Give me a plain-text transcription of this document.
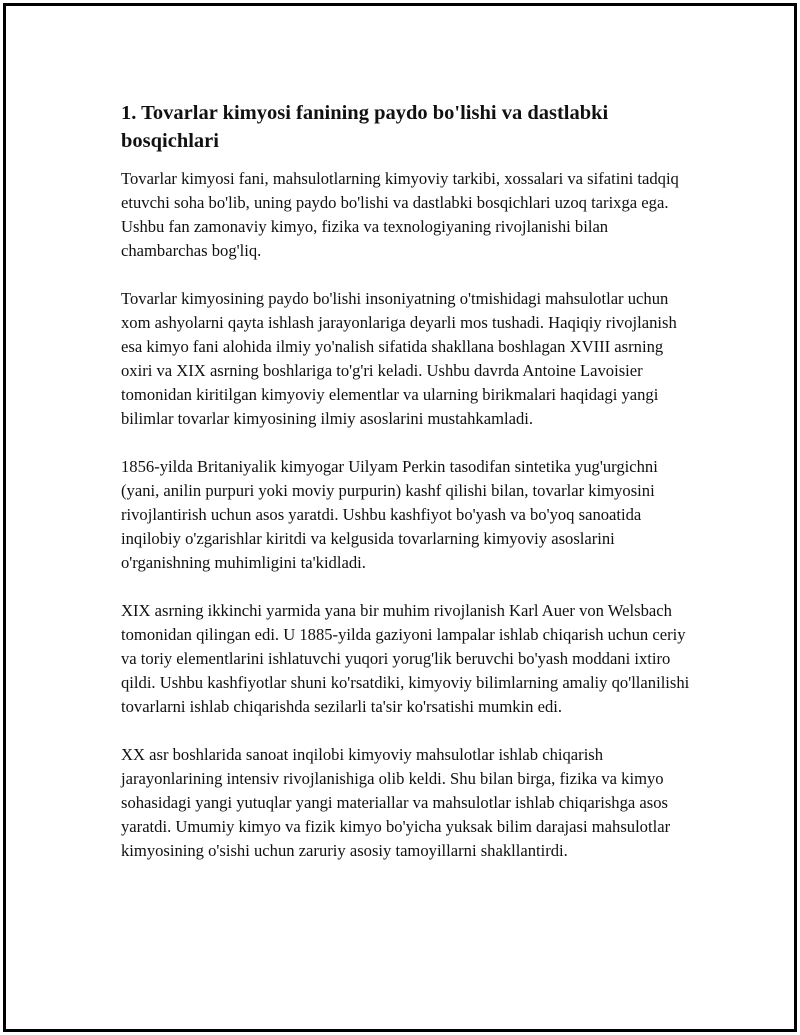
1. Tovarlar kimyosi fanining paydo bo'lishi va dastlabki bosqichlari

Tovarlar kimyosi fani, mahsulotlarning kimyoviy tarkibi, xossalari va sifatini tadqiq etuvchi soha bo'lib, uning paydo bo'lishi va dastlabki bosqichlari uzoq tarixga ega. Ushbu fan zamonaviy kimyo, fizika va texnologiyaning rivojlanishi bilan chambarchas bog'liq.

Tovarlar kimyosining paydo bo'lishi insoniyatning o'tmishidagi mahsulotlar uchun xom ashyolarni qayta ishlash jarayonlariga deyarli mos tushadi. Haqiqiy rivojlanish esa kimyo fani alohida ilmiy yo'nalish sifatida shakllana boshlagan XVIII asrning oxiri va XIX asrning boshlariga to'g'ri keladi. Ushbu davrda Antoine Lavoisier tomonidan kiritilgan kimyoviy elementlar va ularning birikmalari haqidagi yangi bilimlar tovarlar kimyosining ilmiy asoslarini mustahkamladi.

1856-yilda Britaniyalik kimyogar Uilyam Perkin tasodifan sintetika yug'urgichni (yani, anilin purpuri yoki moviy purpurin) kashf qilishi bilan, tovarlar kimyosini rivojlantirish uchun asos yaratdi. Ushbu kashfiyot bo'yash va bo'yoq sanoatida inqilobiy o'zgarishlar kiritdi va kelgusida tovarlarning kimyoviy asoslarini o'rganishning muhimligini ta'kidladi.

XIX asrning ikkinchi yarmida yana bir muhim rivojlanish Karl Auer von Welsbach tomonidan qilingan edi. U 1885-yilda gaziyoni lampalar ishlab chiqarish uchun ceriy va toriy elementlarini ishlatuvchi yuqori yorug'lik beruvchi bo'yash moddani ixtiro qildi. Ushbu kashfiyotlar shuni ko'rsatdiki, kimyoviy bilimlarning amaliy qo'llanilishi tovarlarni ishlab chiqarishda sezilarli ta'sir ko'rsatishi mumkin edi.

XX asr boshlarida sanoat inqilobi kimyoviy mahsulotlar ishlab chiqarish jarayonlarining intensiv rivojlanishiga olib keldi. Shu bilan birga, fizika va kimyo sohasidagi yangi yutuqlar yangi materiallar va mahsulotlar ishlab chiqarishga asos yaratdi. Umumiy kimyo va fizik kimyo bo'yicha yuksak bilim darajasi mahsulotlar kimyosining o'sishi uchun zaruriy asosiy tamoyillarni shakllantirdi.
